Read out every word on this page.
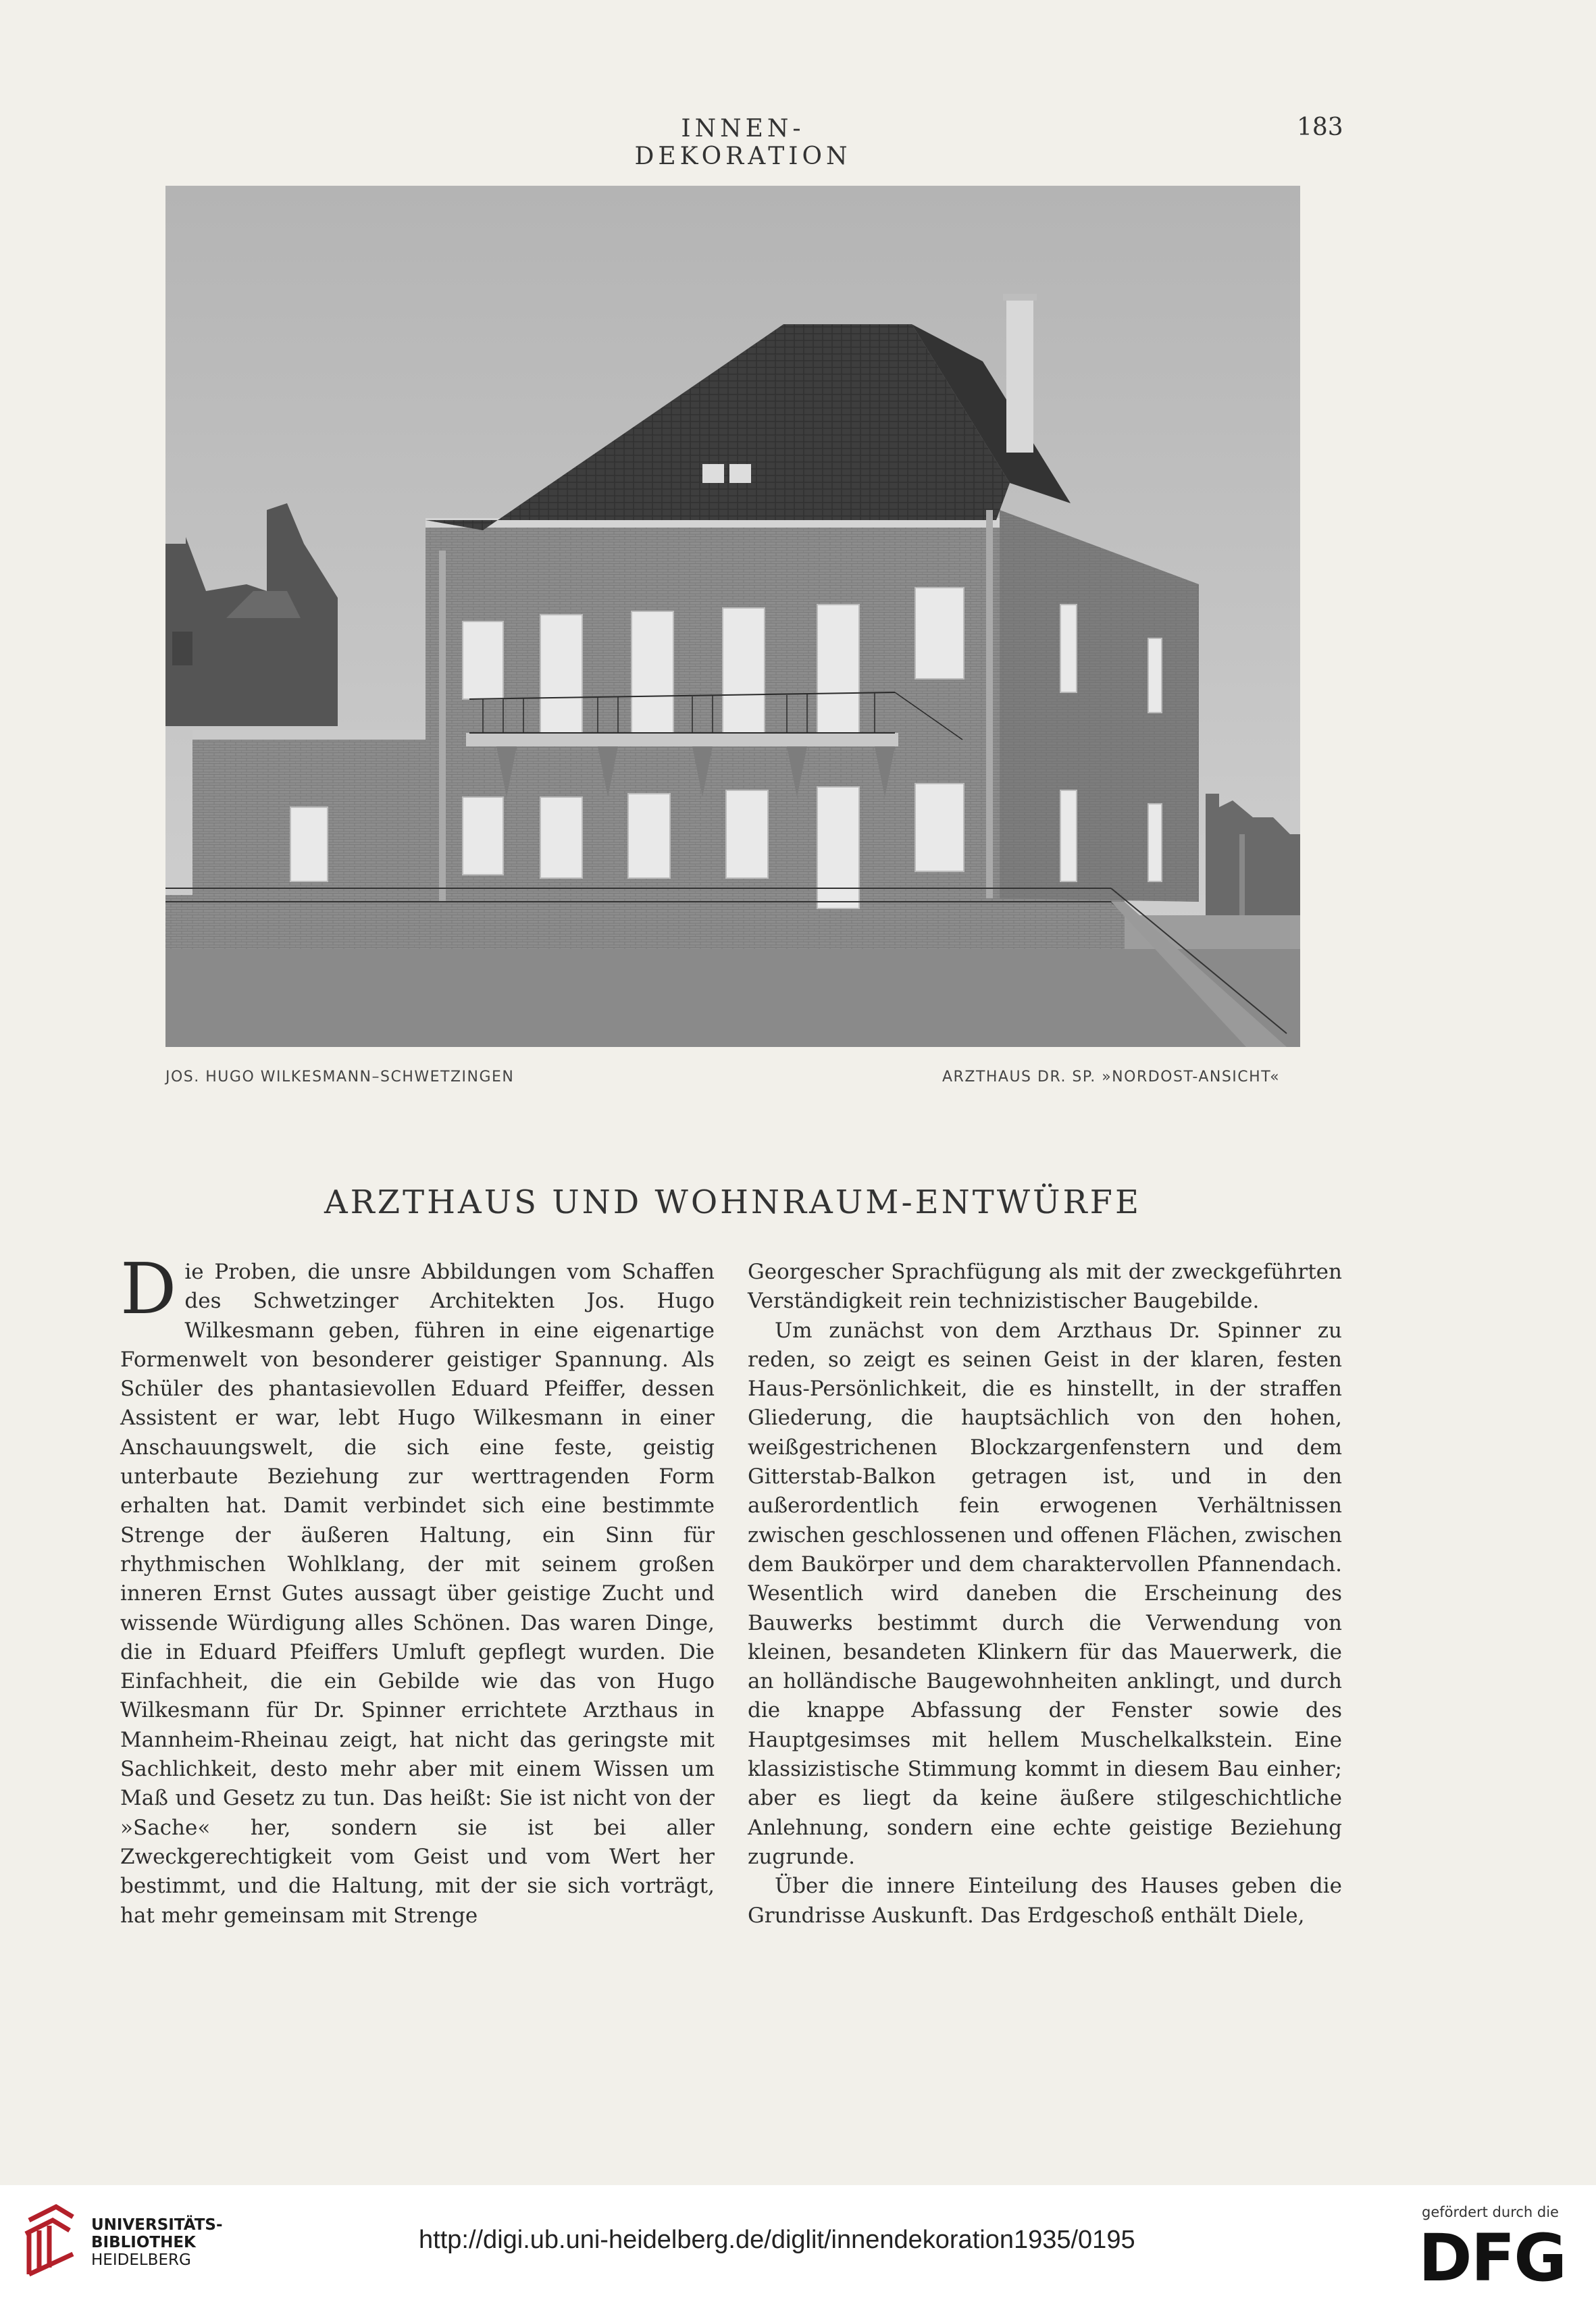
INNEN-DEKORATION
183
JOS. HUGO WILKESMANN–SCHWETZINGEN	ARZTHAUS DR. SP. »NORDOST-ANSICHT«
ARZTHAUS UND WOHNRAUM-ENTWÜRFE

Die Proben, die unsre Abbildungen vom Schaffen des Schwetzinger Architekten Jos. Hugo Wilkesmann geben, führen in eine eigenartige Formenwelt von besonderer geistiger Spannung. Als Schüler des phantasievollen Eduard Pfeiffer, dessen Assistent er war, lebt Hugo Wilkesmann in einer Anschauungswelt, die sich eine feste, geistig unterbaute Beziehung zur werttragenden Form erhalten hat. Damit verbindet sich eine bestimmte Strenge der äußeren Haltung, ein Sinn für rhythmischen Wohlklang, der mit seinem großen inneren Ernst Gutes aussagt über geistige Zucht und wissende Würdigung alles Schönen. Das waren Dinge, die in Eduard Pfeiffers Umluft gepflegt wurden. Die Einfachheit, die ein Gebilde wie das von Hugo Wilkesmann für Dr. Spinner errichtete Arzthaus in Mannheim-Rheinau zeigt, hat nicht das geringste mit Sachlichkeit, desto mehr aber mit einem Wissen um Maß und Gesetz zu tun. Das heißt: Sie ist nicht von der »Sache« her, sondern sie ist bei aller Zweckgerechtigkeit vom Geist und vom Wert her bestimmt, und die Haltung, mit der sie sich vorträgt, hat mehr gemeinsam mit Strenge

Georgescher Sprachfügung als mit der zweckgeführten Verständigkeit rein technizistischer Baugebilde.

Um zunächst von dem Arzthaus Dr. Spinner zu reden, so zeigt es seinen Geist in der klaren, festen Haus-Persönlichkeit, die es hinstellt, in der straffen Gliederung, die hauptsächlich von den hohen, weißgestrichenen Blockzargenfenstern und dem Gitterstab-Balkon getragen ist, und in den außerordentlich fein erwogenen Verhältnissen zwischen geschlossenen und offenen Flächen, zwischen dem Baukörper und dem charaktervollen Pfannendach. Wesentlich wird daneben die Erscheinung des Bauwerks bestimmt durch die Verwendung von kleinen, besandeten Klinkern für das Mauerwerk, die an holländische Baugewohnheiten anklingt, und durch die knappe Abfassung der Fenster sowie des Hauptgesimses mit hellem Muschelkalkstein. Eine klassizistische Stimmung kommt in diesem Bau einher; aber es liegt da keine äußere stilgeschichtliche Anlehnung, sondern eine echte geistige Beziehung zugrunde.

Über die innere Einteilung des Hauses geben die Grundrisse Auskunft. Das Erdgeschoß enthält Diele,

UNIVERSITÄTS-
BIBLIOTHEK
HEIDELBERG
http://digi.ub.uni-heidelberg.de/diglit/innendekoration1935/0195
gefördert durch die
DFG
